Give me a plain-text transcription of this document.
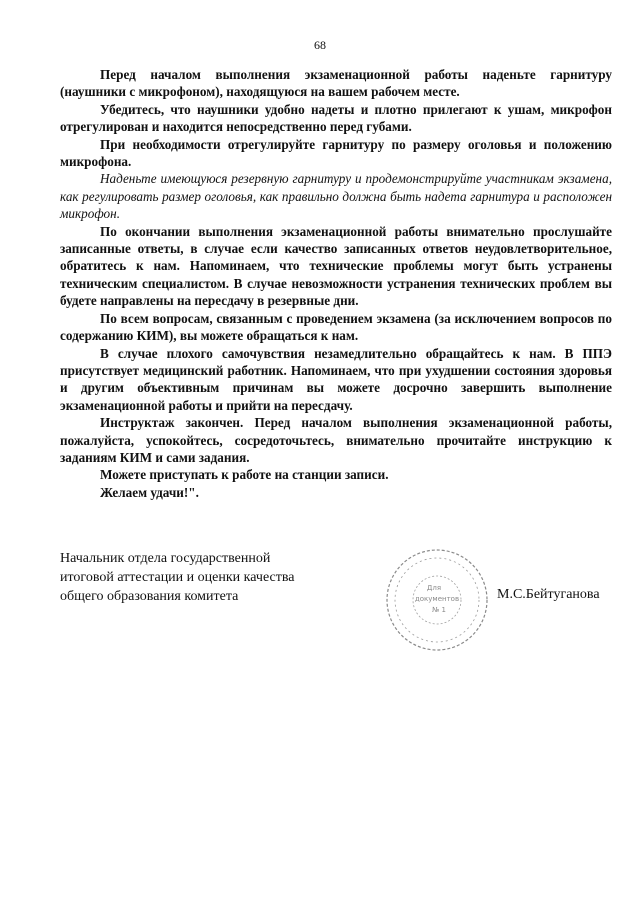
68

Перед началом выполнения экзаменационной работы наденьте гарнитуру (наушники с микрофоном), находящуюся на вашем рабочем месте.

Убедитесь, что наушники удобно надеты и плотно прилегают к ушам, микрофон отрегулирован и находится непосредственно перед губами.

При необходимости отрегулируйте гарнитуру по размеру оголовья и положению микрофона.

Наденьте имеющуюся резервную гарнитуру и продемонстрируйте участникам экзамена, как регулировать размер оголовья, как правильно должна быть надета гарнитура и расположен микрофон.

По окончании выполнения экзаменационной работы внимательно прослушайте записанные ответы, в случае если качество записанных ответов неудовлетворительное, обратитесь к нам. Напоминаем, что технические проблемы могут быть устранены техническим специалистом. В случае невозможности устранения технических проблем вы будете направлены на пересдачу в резервные дни.

По всем вопросам, связанным с проведением экзамена (за исключением вопросов по содержанию КИМ), вы можете обращаться к нам.

В случае плохого самочувствия незамедлительно обращайтесь к нам. В ППЭ присутствует медицинский работник. Напоминаем, что при ухудшении состояния здоровья и другим объективным причинам вы можете досрочно завершить выполнение экзаменационной работы и прийти на пересдачу.

Инструктаж закончен. Перед началом выполнения экзаменационной работы, пожалуйста, успокойтесь, сосредоточьтесь, внимательно прочитайте инструкцию к заданиям КИМ и сами задания.

Можете приступать к работе на станции записи.

Желаем удачи!".

Начальник отдела государственной
итоговой аттестации и оценки качества
общего образования комитета
Для
документов
№ 1
М.С.Бейтуганова
